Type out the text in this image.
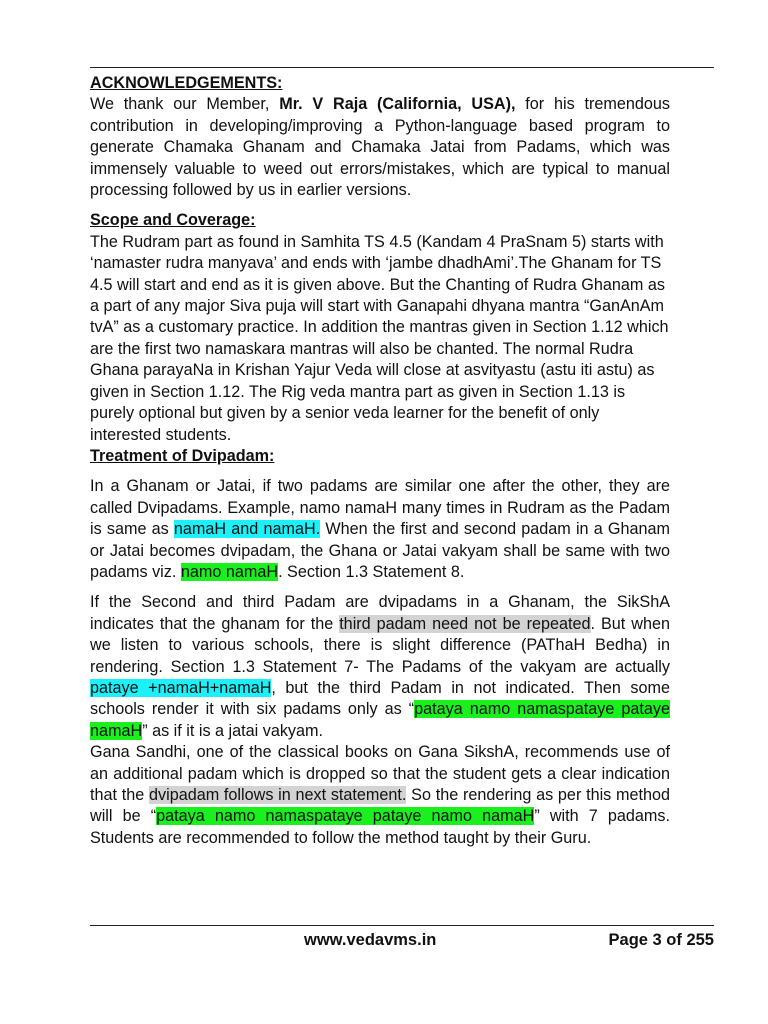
ACKNOWLEDGEMENTS:

We thank our Member, Mr. V Raja (California, USA), for his tremendous contribution in developing/improving a Python-language based program to generate Chamaka Ghanam and Chamaka Jatai from Padams, which was immensely valuable to weed out errors/mistakes, which are typical to manual processing followed by us in earlier versions.

Scope and Coverage:

The Rudram part as found in Samhita TS 4.5 (Kandam 4 PraSnam 5) starts with ‘namaster rudra manyava’ and ends with ‘jambe dhadhAmi’.The Ghanam for TS 4.5 will start and end as it is given above. But the Chanting of Rudra Ghanam as a part of any major Siva puja will start with Ganapahi dhyana mantra “GanAnAm tvA” as a customary practice. In addition the mantras given in Section 1.12 which are the first two namaskara mantras will also be chanted. The normal Rudra Ghana parayaNa in Krishan Yajur Veda will close at asvityastu (astu iti astu) as given in Section 1.12. The Rig veda mantra part as given in Section 1.13 is purely optional but given by a senior veda learner for the benefit of only interested students.

Treatment of Dvipadam:

In a Ghanam or Jatai, if two padams are similar one after the other, they are called Dvipadams. Example, namo namaH many times in Rudram as the Padam is same as namaH and namaH. When the first and second padam in a Ghanam or Jatai becomes dvipadam, the Ghana or Jatai vakyam shall be same with two padams viz. namo namaH. Section 1.3 Statement 8.

If the Second and third Padam are dvipadams in a Ghanam, the SikShA indicates that the ghanam for the third padam need not be repeated. But when we listen to various schools, there is slight difference (PAThaH Bedha) in rendering. Section 1.3 Statement 7- The Padams of the vakyam are actually pataye +namaH+namaH, but the third Padam in not indicated. Then some schools render it with six padams only as “pataya namo namaspataye pataye namaH” as if it is a jatai vakyam.

Gana Sandhi, one of the classical books on Gana SikshA, recommends use of an additional padam which is dropped so that the student gets a clear indication that the dvipadam follows in next statement. So the rendering as per this method will be “pataya namo namaspataye pataye namo namaH” with 7 padams. Students are recommended to follow the method taught by their Guru.

www.vedavms.in	Page 3 of 255
